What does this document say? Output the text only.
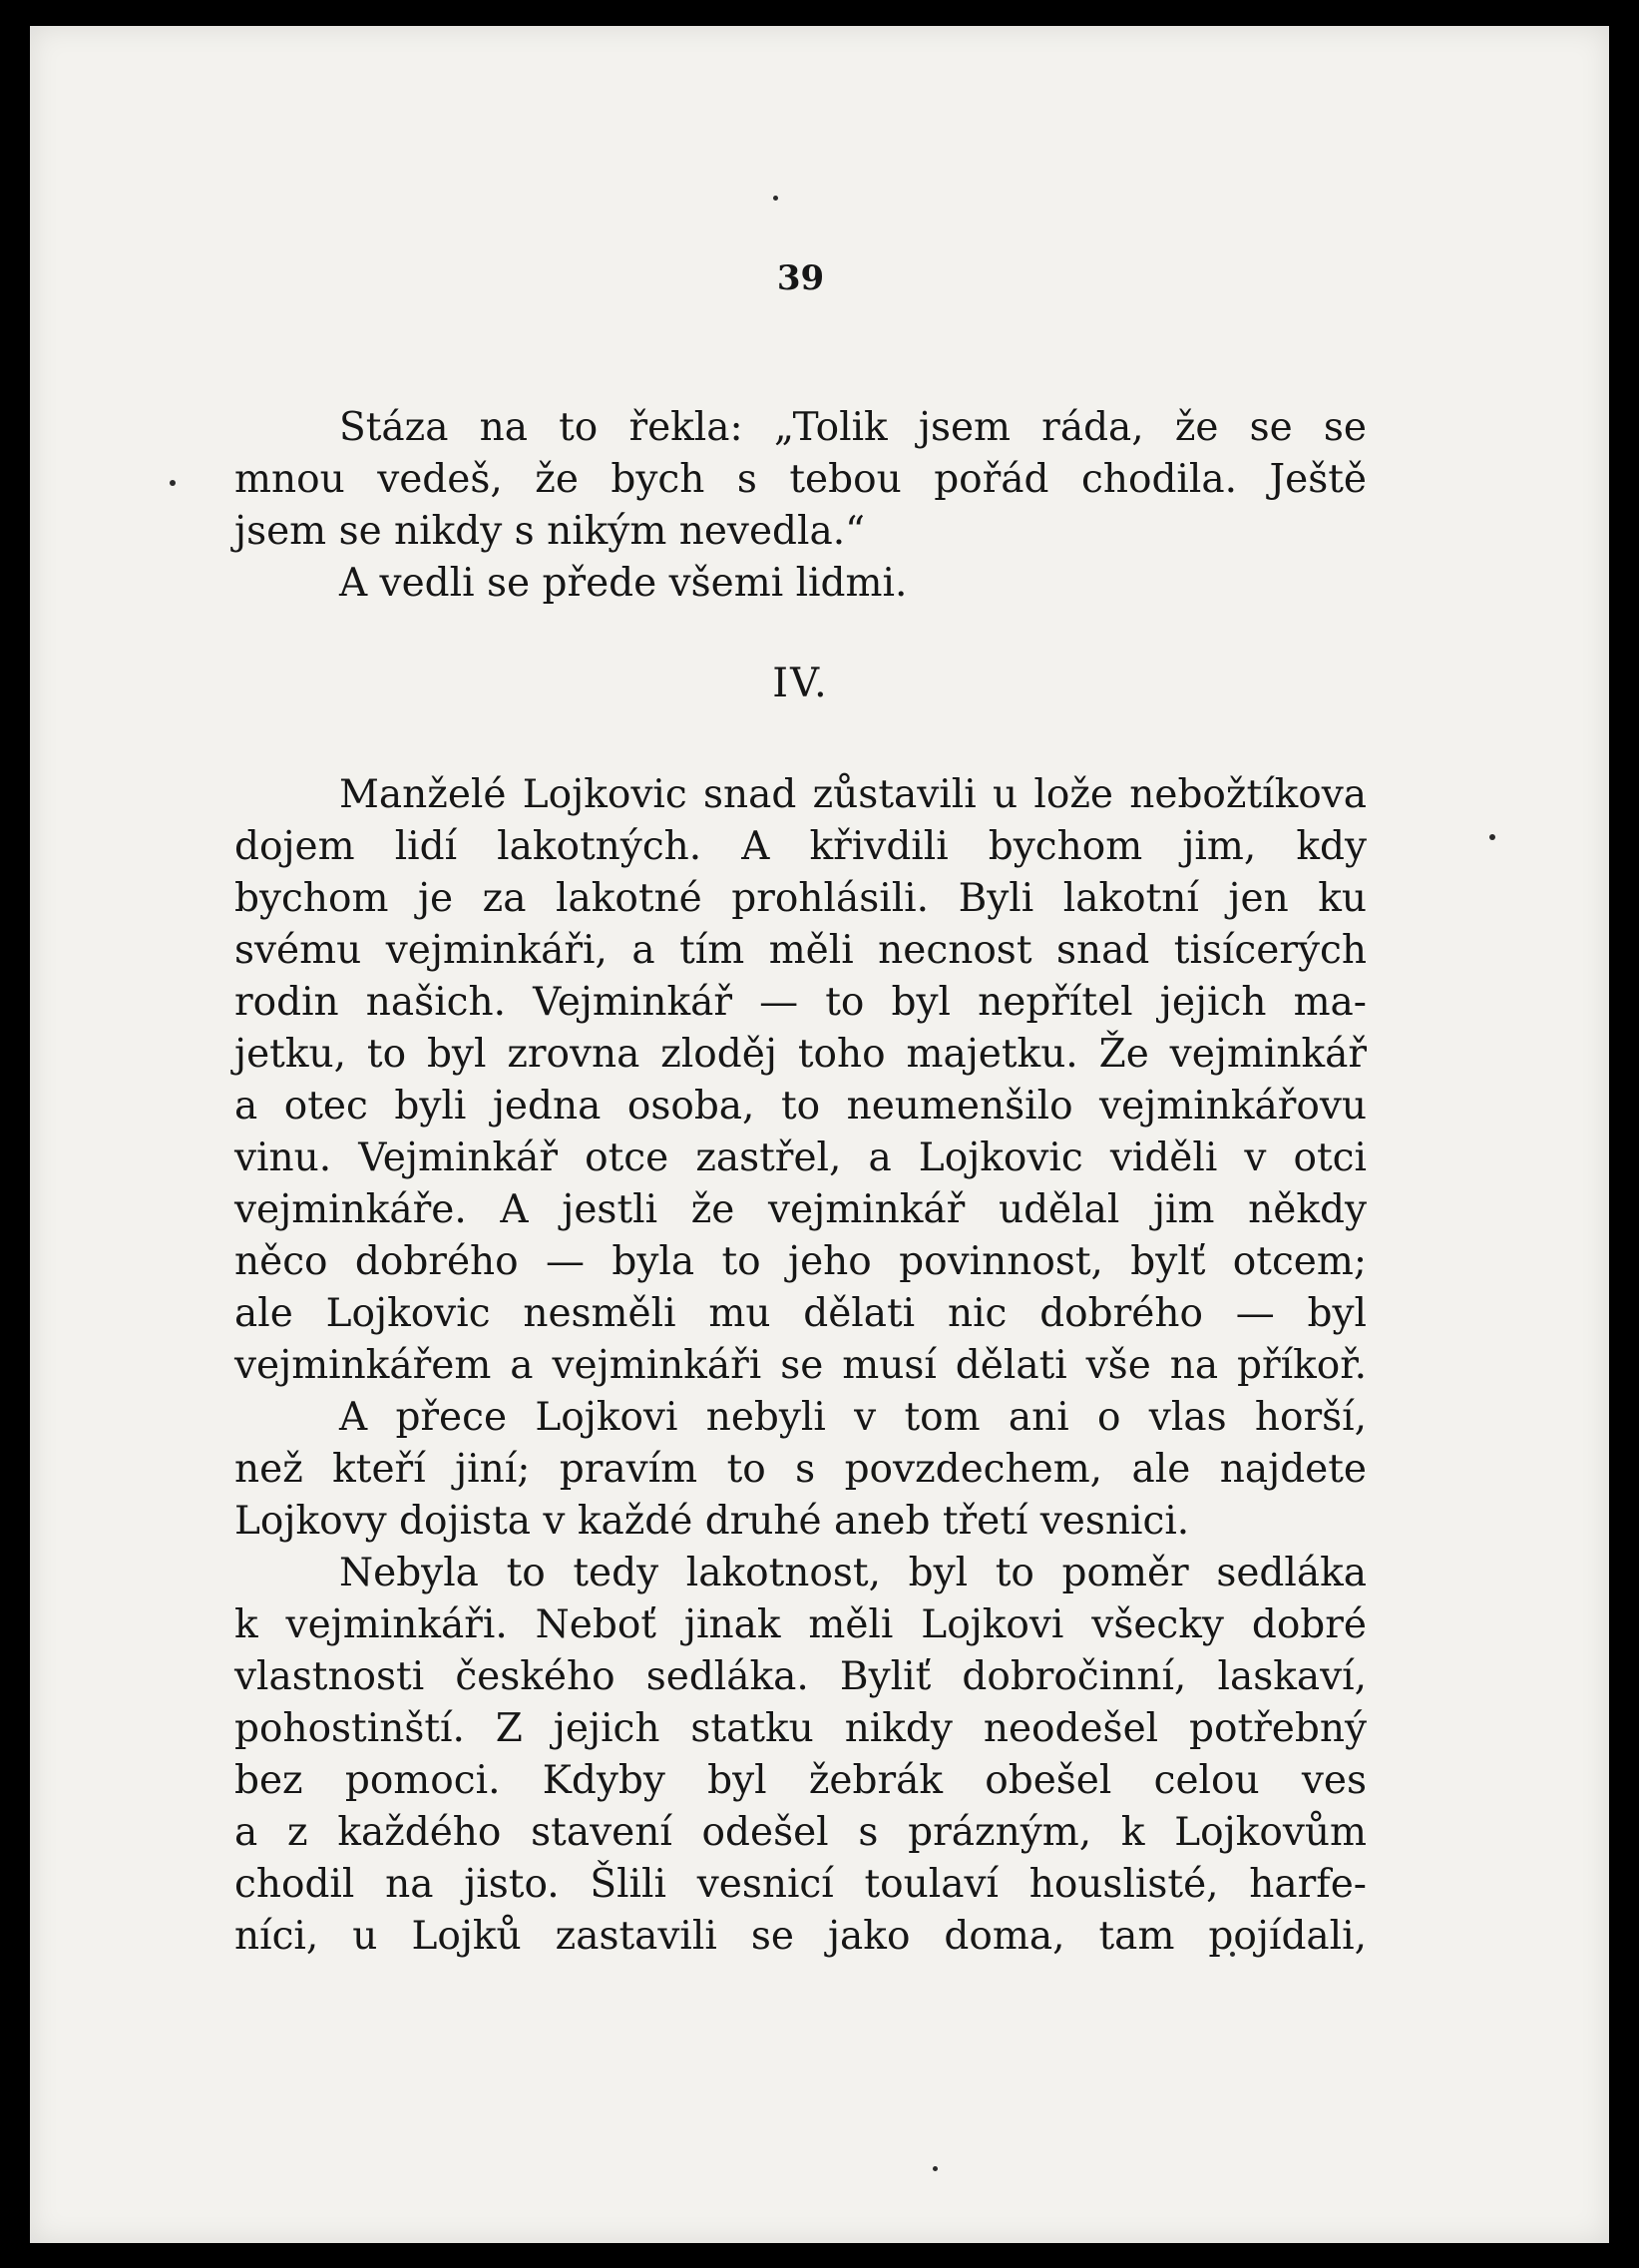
39
Stáza na to řekla: „Tolik jsem ráda, že se se
mnou vedeš, že bych s tebou pořád chodila. Ještě
jsem se nikdy s nikým nevedla.“
A vedli se přede všemi lidmi.
IV.
Manželé Lojkovic snad zůstavili u lože nebožtíkova
dojem lidí lakotných. A křivdili bychom jim, kdy
bychom je za lakotné prohlásili. Byli lakotní jen ku
svému vejminkáři, a tím měli necnost snad tisícerých
rodin našich. Vejminkář — to byl nepřítel jejich ma-
jetku, to byl zrovna zloděj toho majetku. Že vejminkář
a otec byli jedna osoba, to neumenšilo vejminkářovu
vinu. Vejminkář otce zastřel, a Lojkovic viděli v otci
vejminkáře. A jestli že vejminkář udělal jim někdy
něco dobrého — byla to jeho povinnost, bylť otcem;
ale Lojkovic nesměli mu dělati nic dobrého — byl
vejminkářem a vejminkáři se musí dělati vše na příkoř.
A přece Lojkovi nebyli v tom ani o vlas horší,
než kteří jiní; pravím to s povzdechem, ale najdete
Lojkovy dojista v každé druhé aneb třetí vesnici.
Nebyla to tedy lakotnost, byl to poměr sedláka
k vejminkáři. Neboť jinak měli Lojkovi všecky dobré
vlastnosti českého sedláka. Byliť dobročinní, laskaví,
pohostinští. Z jejich statku nikdy neodešel potřebný
bez pomoci. Kdyby byl žebrák obešel celou ves
a z každého stavení odešel s prázným, k Lojkovům
chodil na jisto. Šlili vesnicí toulaví houslisté, harfe-
níci, u Lojků zastavili se jako doma, tam pojídali,
